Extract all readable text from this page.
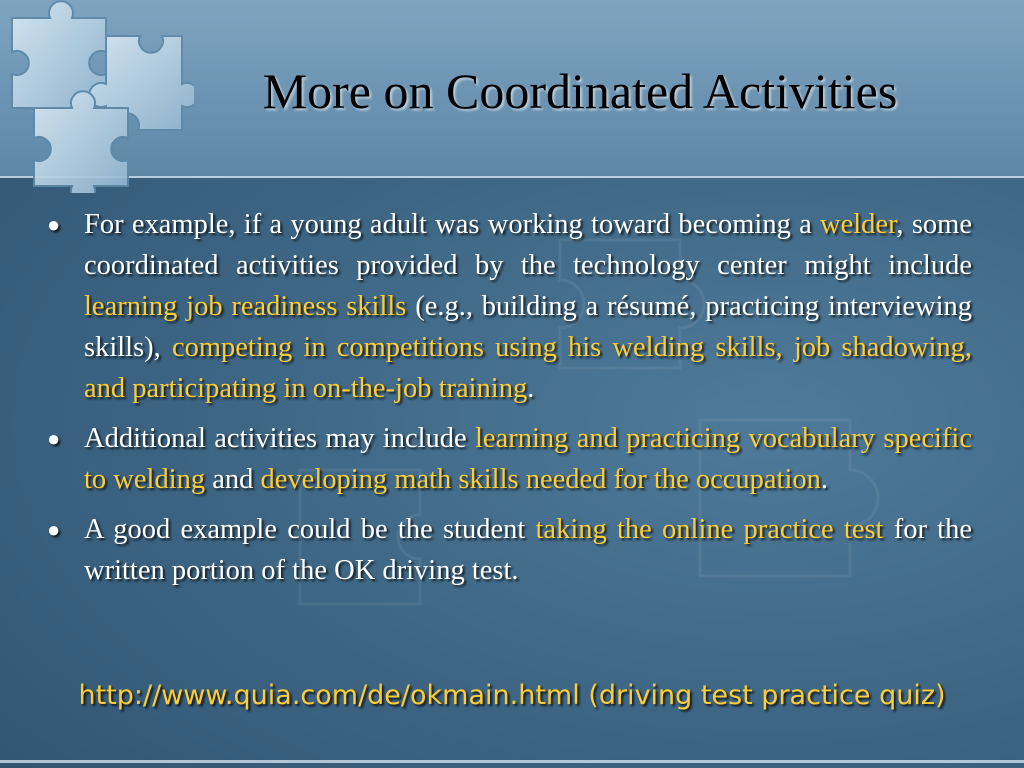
More on Coordinated Activities
● For example, if a young adult was working toward becoming a welder, some coordinated activities provided by the technology center might include learning job readiness skills (e.g., building a résumé, practicing interviewing skills), competing in competitions using his welding skills, job shadowing, and participating in on-the-job training.
● Additional activities may include learning and practicing vocabulary specific to welding and developing math skills needed for the occupation.
● A good example could be the student taking the online practice test for the written portion of the OK driving test.
http://www.quia.com/de/okmain.html (driving test practice quiz)
